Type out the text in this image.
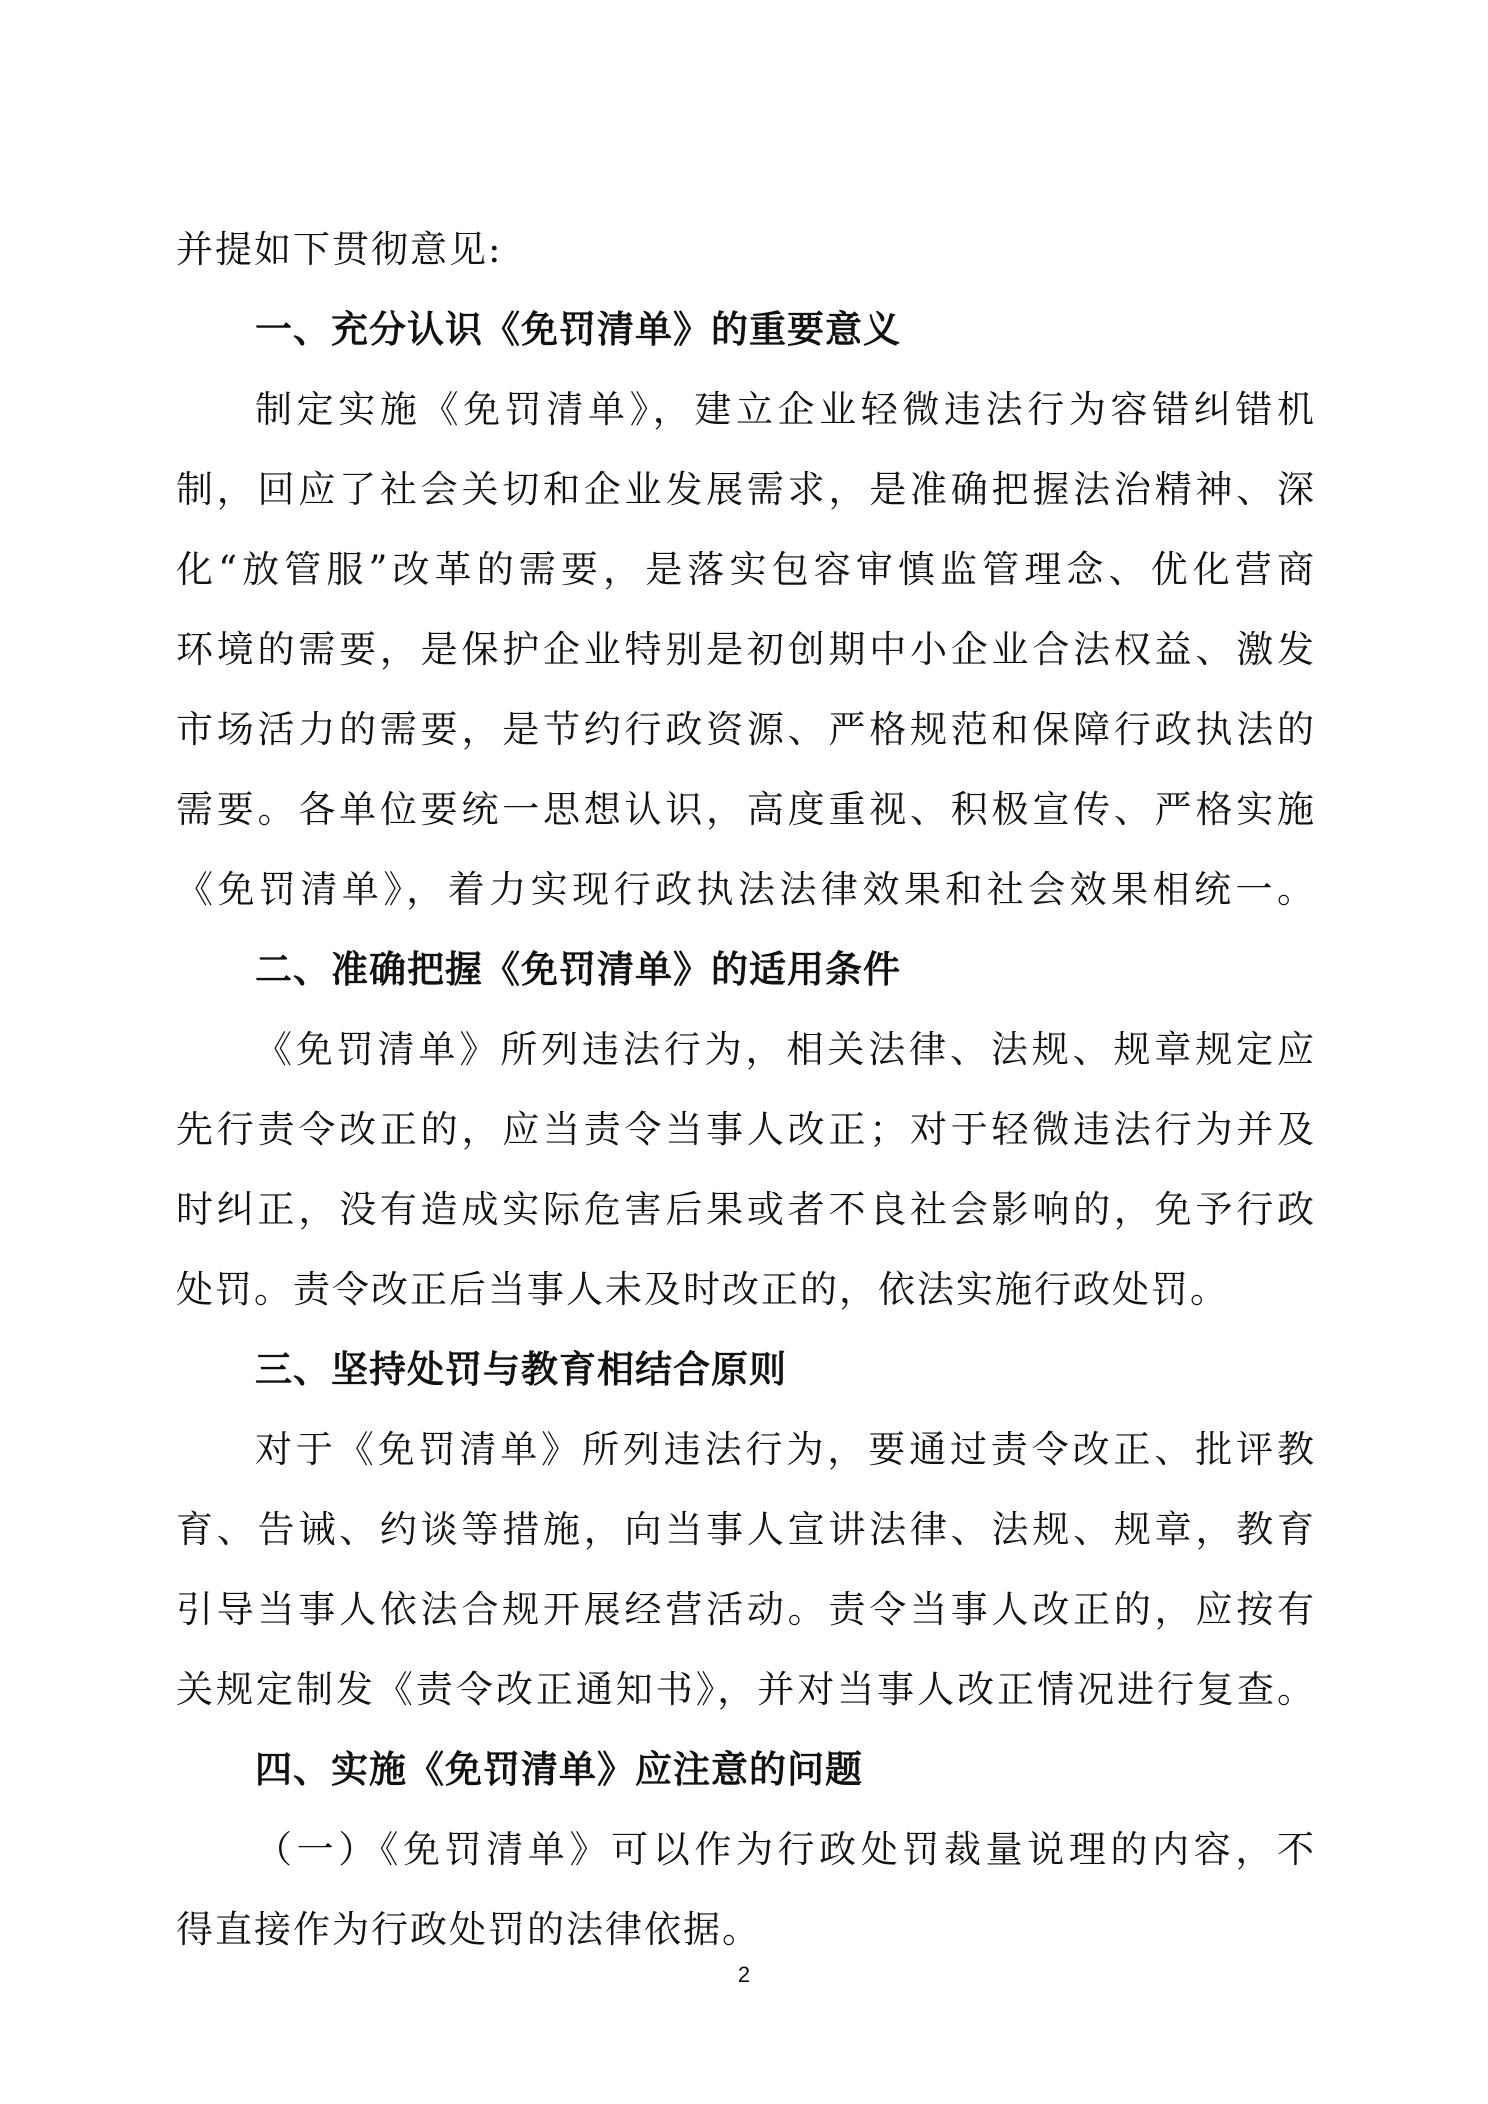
并提如下贯彻意见:
一、充分认识《免罚清单》的重要意义
制定实施《免罚清单》，建立企业轻微违法行为容错纠错机
制，回应了社会关切和企业发展需求，是准确把握法治精神、深
化“放管服”改革的需要，是落实包容审慎监管理念、优化营商
环境的需要，是保护企业特别是初创期中小企业合法权益、激发
市场活力的需要，是节约行政资源、严格规范和保障行政执法的
需要。各单位要统一思想认识，高度重视、积极宣传、严格实施
《免罚清单》，着力实现行政执法法律效果和社会效果相统一。
二、准确把握《免罚清单》的适用条件
《免罚清单》所列违法行为，相关法律、法规、规章规定应
先行责令改正的，应当责令当事人改正；对于轻微违法行为并及
时纠正，没有造成实际危害后果或者不良社会影响的，免予行政
处罚。责令改正后当事人未及时改正的，依法实施行政处罚。
三、坚持处罚与教育相结合原则
对于《免罚清单》所列违法行为，要通过责令改正、批评教
育、告诫、约谈等措施，向当事人宣讲法律、法规、规章，教育
引导当事人依法合规开展经营活动。责令当事人改正的，应按有
关规定制发《责令改正通知书》，并对当事人改正情况进行复查。
四、实施《免罚清单》应注意的问题
（一）《免罚清单》可以作为行政处罚裁量说理的内容，不
得直接作为行政处罚的法律依据。
2
